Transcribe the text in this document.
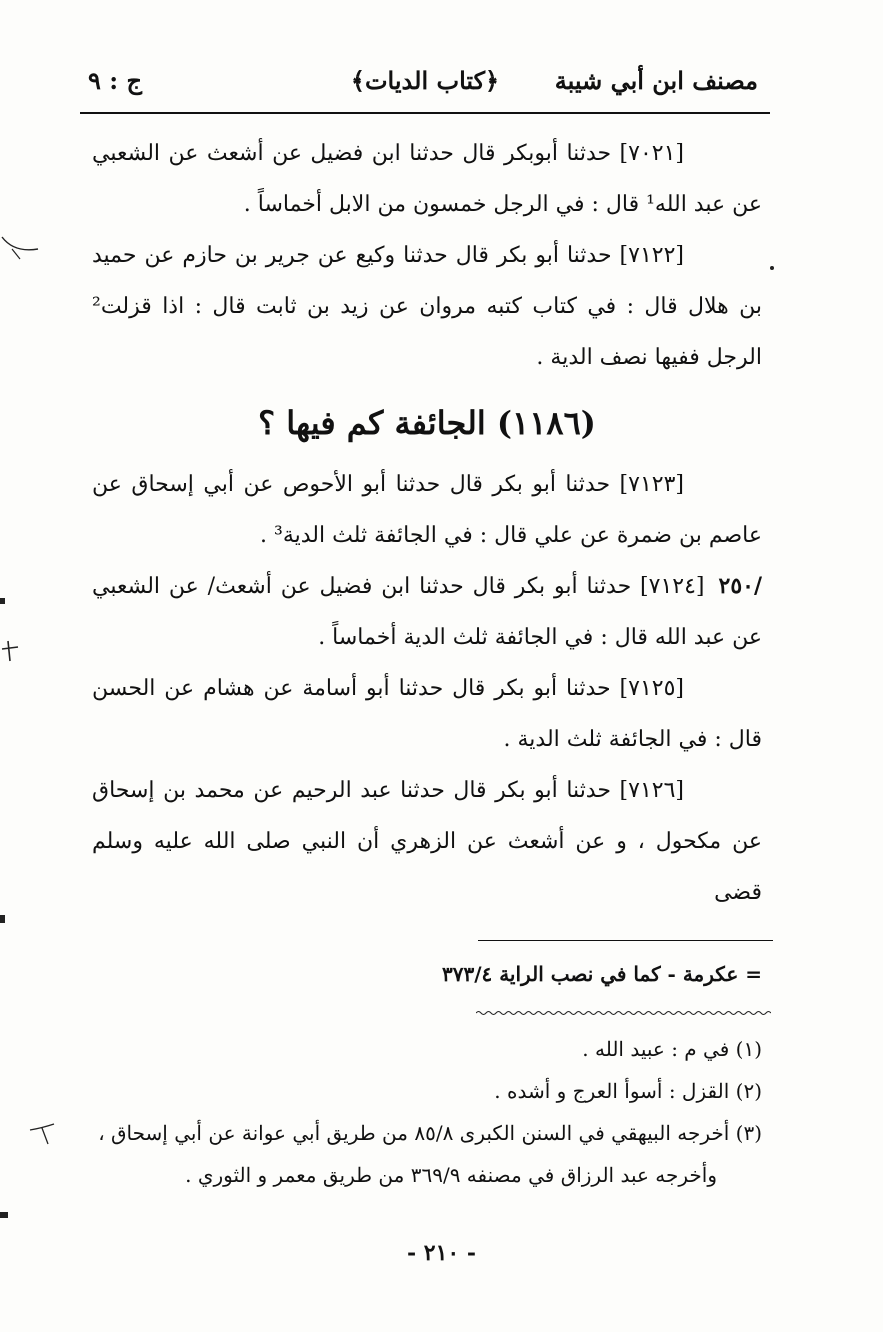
مصنف ابن أبي شيبة
﴿كتاب الديات﴾
ج : ٩

[٧٠٢١] حدثنا أبوبكر قال حدثنا ابن فضيل عن أشعث عن الشعبي عن عبد الله¹ قال : في الرجل خمسون من الابل أخماساً .

[٧١٢٢] حدثنا أبو بكر قال حدثنا وكيع عن جرير بن حازم عن حميد بن هلال قال : في كتاب كتبه مروان عن زيد بن ثابت قال : اذا قزلت² الرجل ففيها نصف الدية .

(١١٨٦) الجائفة كم فيها ؟

[٧١٢٣] حدثنا أبو بكر قال حدثنا أبو الأحوص عن أبي إسحاق عن عاصم بن ضمرة عن علي قال : في الجائفة ثلث الدية³ .

/٢٥٠
[٧١٢٤] حدثنا أبو بكر قال حدثنا ابن فضيل عن أشعث/ عن الشعبي عن عبد الله قال : في الجائفة ثلث الدية أخماساً .

[٧١٢٥] حدثنا أبو بكر قال حدثنا أبو أسامة عن هشام عن الحسن قال : في الجائفة ثلث الدية .

[٧١٢٦] حدثنا أبو بكر قال حدثنا عبد الرحيم عن محمد بن إسحاق عن مكحول ، و عن أشعث عن الزهري أن النبي صلى الله عليه وسلم قضى

= عكرمة - كما في نصب الراية ٣٧٣/٤

(١) في م : عبيد الله .

(٢) القزل : أسوأ العرج و أشده .

(٣) أخرجه البيهقي في السنن الكبرى ٨٥/٨ من طريق أبي عوانة عن أبي إسحاق ،

وأخرجه عبد الرزاق في مصنفه ٣٦٩/٩ من طريق معمر و الثوري .

- ٢١٠ -
